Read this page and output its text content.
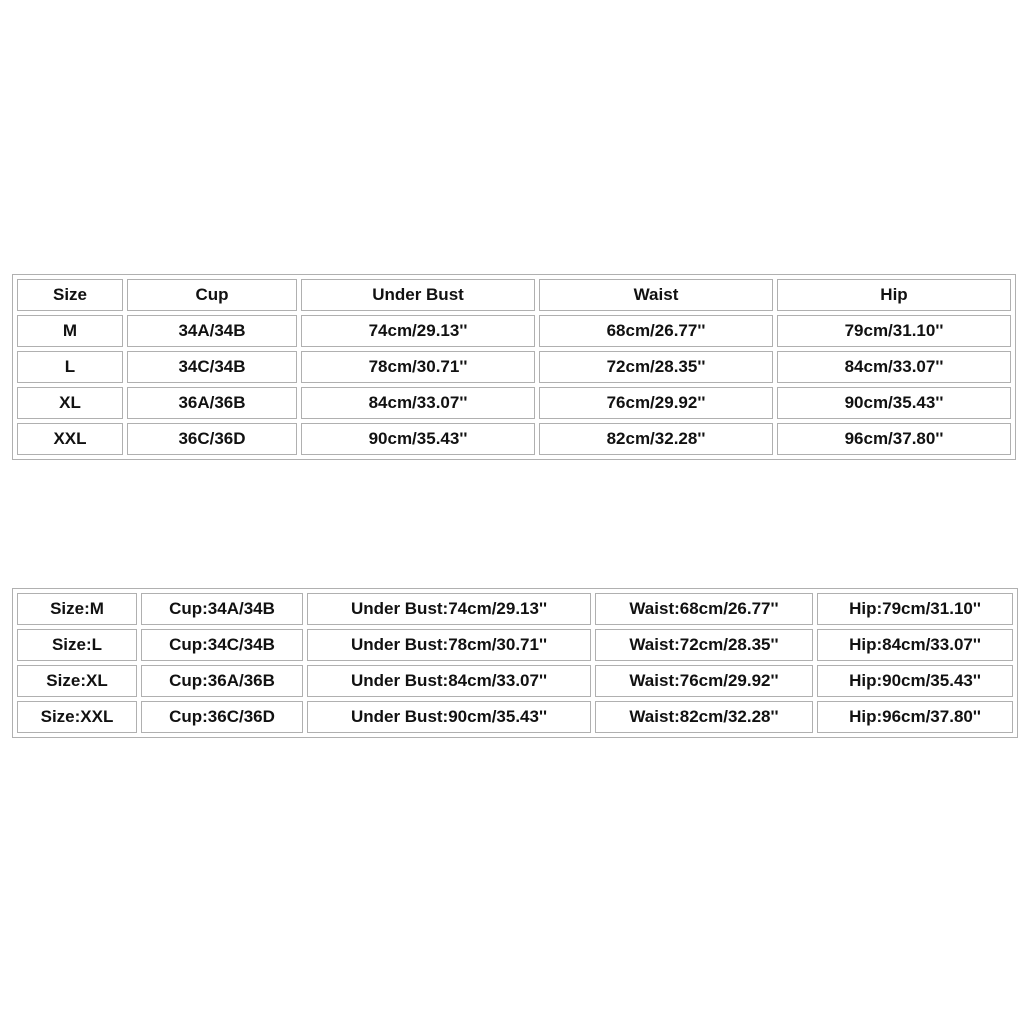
Size	Cup	Under Bust	Waist	Hip
M	34A/34B	74cm/29.13''	68cm/26.77''	79cm/31.10''
L	34C/34B	78cm/30.71''	72cm/28.35''	84cm/33.07''
XL	36A/36B	84cm/33.07''	76cm/29.92''	90cm/35.43''
XXL	36C/36D	90cm/35.43''	82cm/32.28''	96cm/37.80''
Size:M	Cup:34A/34B	Under Bust:74cm/29.13''	Waist:68cm/26.77''	Hip:79cm/31.10''
Size:L	Cup:34C/34B	Under Bust:78cm/30.71''	Waist:72cm/28.35''	Hip:84cm/33.07''
Size:XL	Cup:36A/36B	Under Bust:84cm/33.07''	Waist:76cm/29.92''	Hip:90cm/35.43''
Size:XXL	Cup:36C/36D	Under Bust:90cm/35.43''	Waist:82cm/32.28''	Hip:96cm/37.80''
